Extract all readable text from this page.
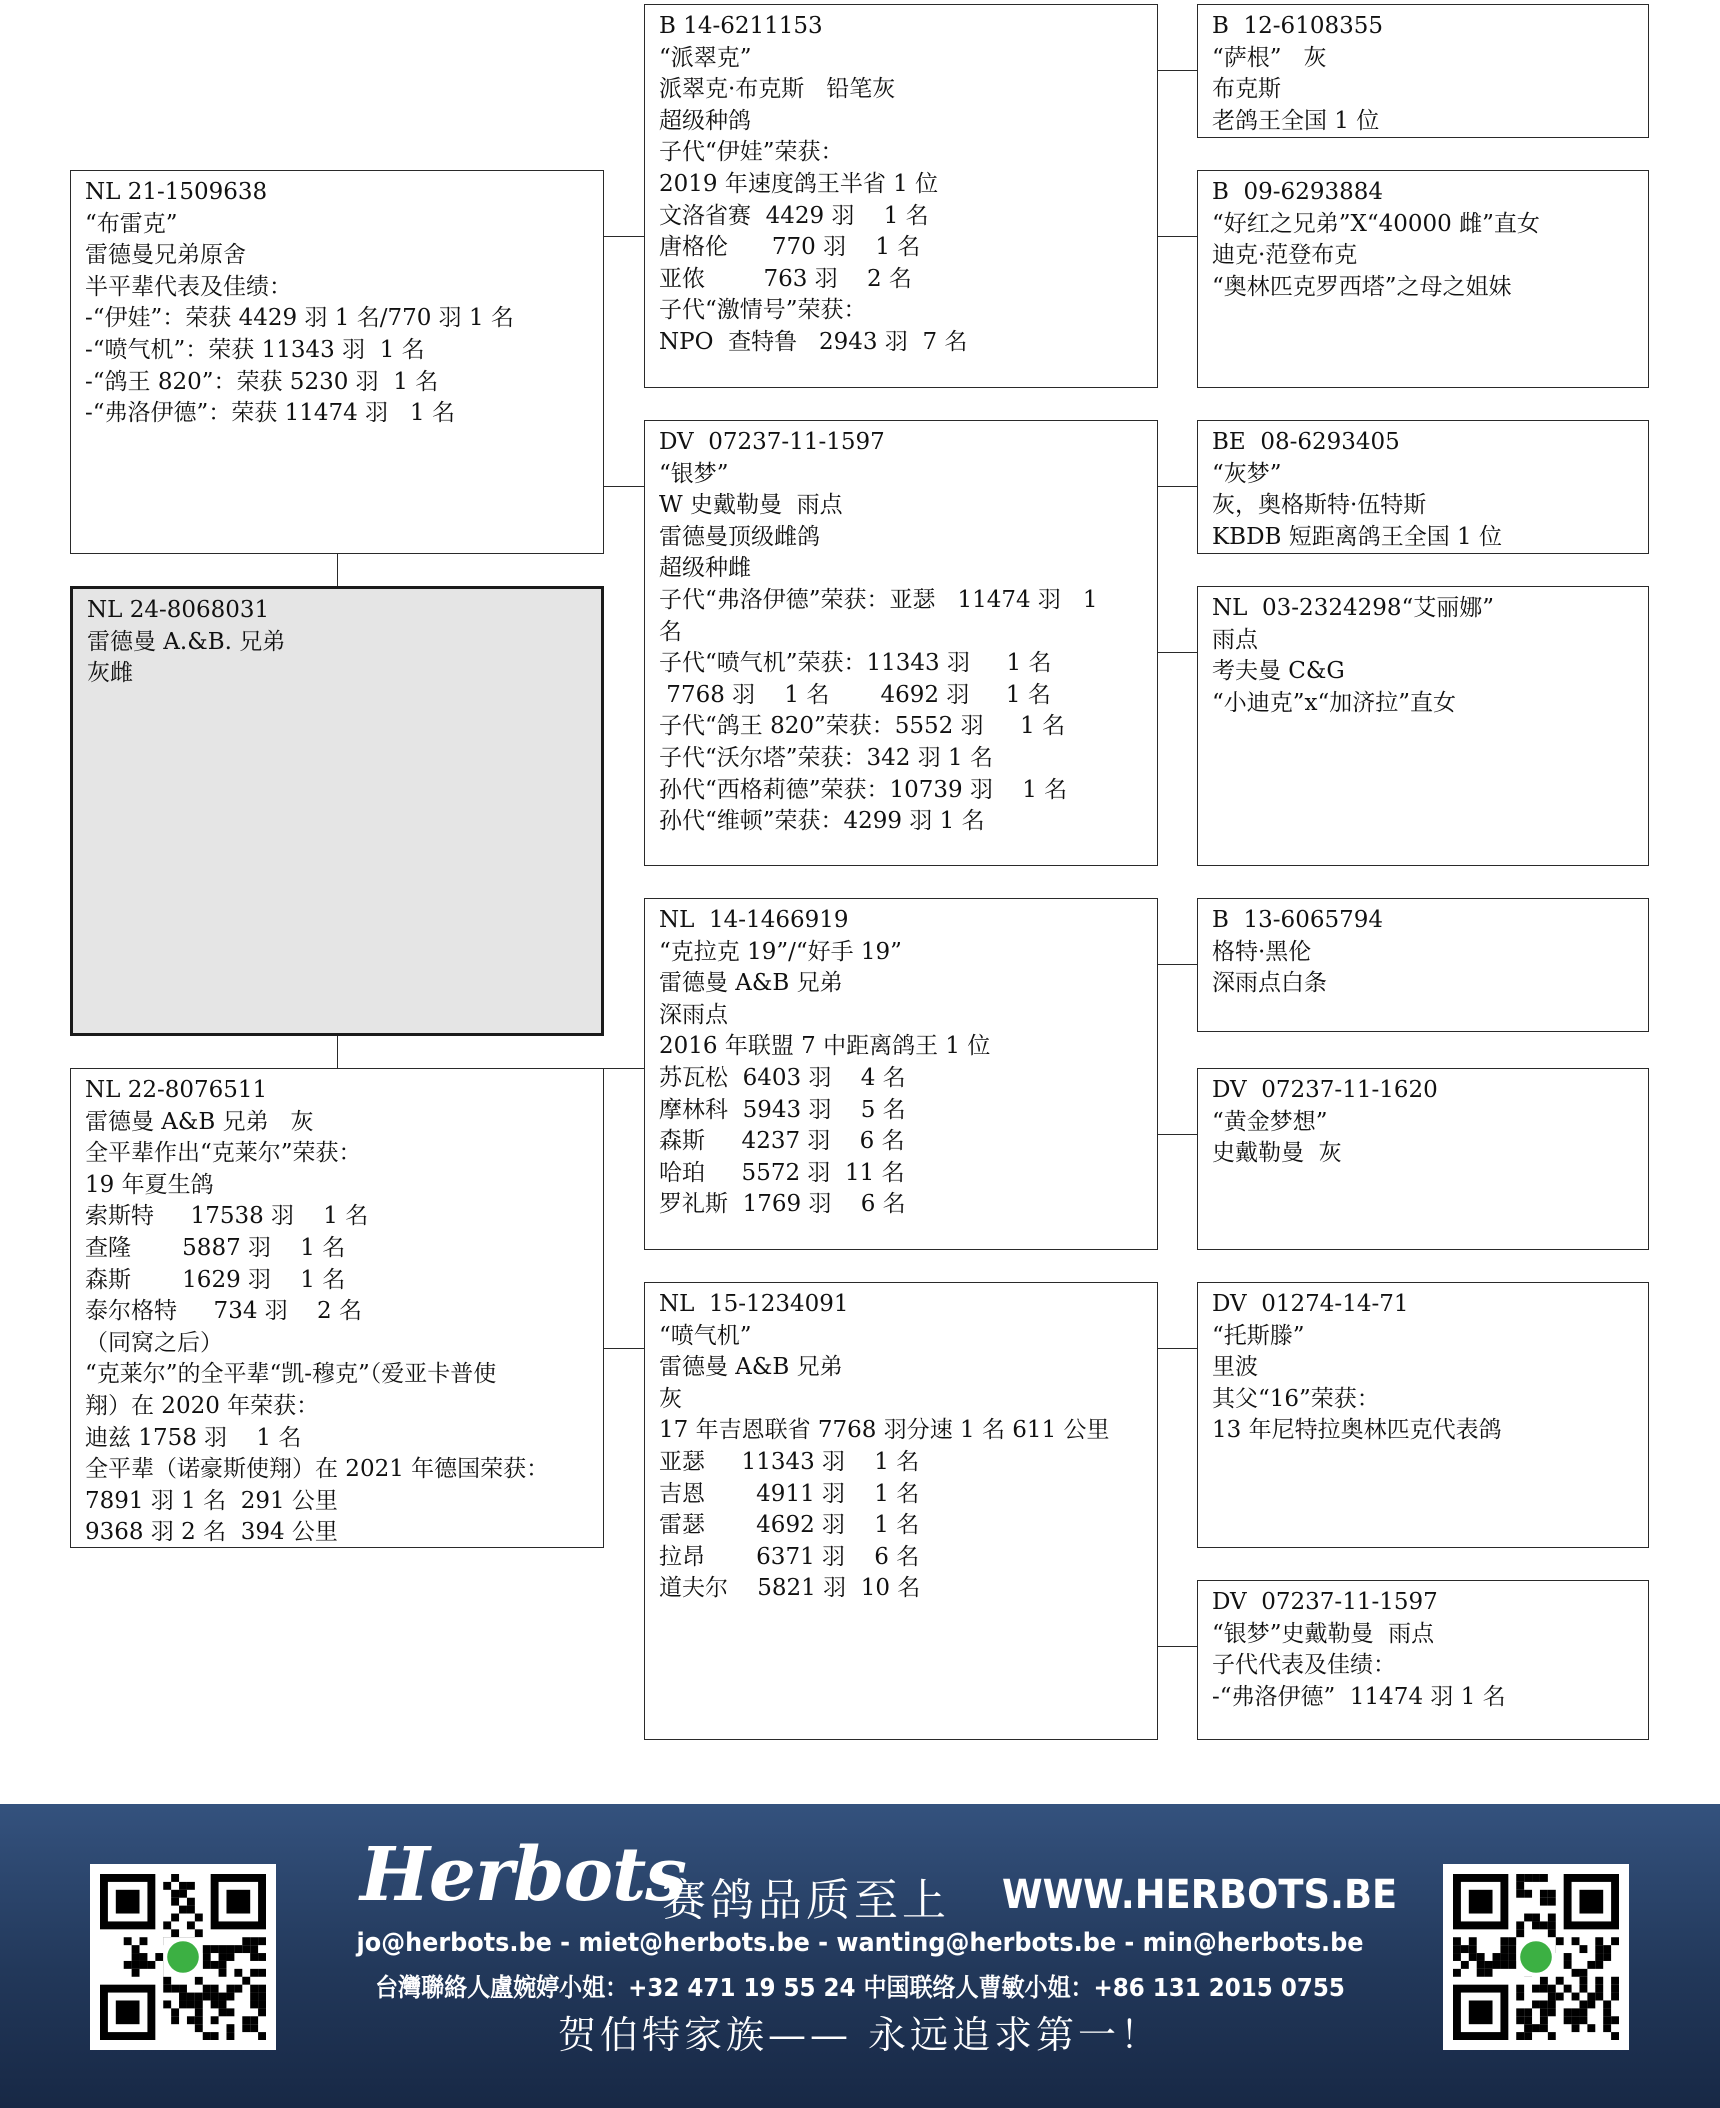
NL 21-1509638
“布雷克”
雷德曼兄弟原舍
半平辈代表及佳绩：
-“伊娃”：荣获 4429 羽 1 名/770 羽 1 名
-“喷气机”：荣获 11343 羽  1 名
-“鸽王 820”：荣获 5230 羽  1 名
-“弗洛伊德”：荣获 11474 羽   1 名
NL 24-8068031
雷德曼 A.&B. 兄弟
灰雌
NL 22-8076511
雷德曼 A&B 兄弟   灰
全平辈作出“克莱尔”荣获：
19 年夏生鸽
索斯特     17538 羽    1 名
查隆       5887 羽    1 名
森斯       1629 羽    1 名
泰尔格特     734 羽    2 名
（同窝之后）
“克莱尔”的全平辈“凯-穆克”（爱亚卡普使
翔）在 2020 年荣获：
迪兹 1758 羽    1 名
全平辈（诺豪斯使翔）在 2021 年德国荣获：
7891 羽 1 名  291 公里
9368 羽 2 名  394 公里
B 14-6211153
“派翠克”
派翠克·布克斯   铅笔灰
超级种鸽
子代“伊娃”荣获：
2019 年速度鸽王半省 1 位
文洛省赛  4429 羽    1 名
唐格伦      770 羽    1 名
亚侬        763 羽    2 名
子代“激情号”荣获：
NPO  查特鲁   2943 羽  7 名
DV  07237-11-1597
“银梦”
W 史戴勒曼  雨点
雷德曼顶级雌鸽
超级种雌
子代“弗洛伊德”荣获：亚瑟   11474 羽   1
名
子代“喷气机”荣获：11343 羽     1 名
7768 羽    1 名       4692 羽     1 名
子代“鸽王 820”荣获：5552 羽     1 名
子代“沃尔塔”荣获：342 羽 1 名
孙代“西格莉德”荣获：10739 羽    1 名
孙代“维顿”荣获：4299 羽 1 名
NL  14-1466919
“克拉克 19”/“好手 19”
雷德曼 A&B 兄弟
深雨点
2016 年联盟 7 中距离鸽王 1 位
苏瓦松  6403 羽    4 名
摩林科  5943 羽    5 名
森斯     4237 羽    6 名
哈珀     5572 羽  11 名
罗礼斯  1769 羽    6 名
NL  15-1234091
“喷气机”
雷德曼 A&B 兄弟
灰
17 年吉恩联省 7768 羽分速 1 名 611 公里
亚瑟     11343 羽    1 名
吉恩       4911 羽    1 名
雷瑟       4692 羽    1 名
拉昂       6371 羽    6 名
道夫尔    5821 羽  10 名
B  12-6108355
“萨根”   灰
布克斯
老鸽王全国 1 位
B  09-6293884
“好红之兄弟”X“40000 雌”直女
迪克·范登布克
“奥林匹克罗西塔”之母之姐妹
BE  08-6293405
“灰梦”
灰，奥格斯特·伍特斯
KBDB 短距离鸽王全国 1 位
NL  03-2324298“艾丽娜”
雨点
考夫曼 C&G
“小迪克”x“加济拉”直女
B  13-6065794
格特·黑伦
深雨点白条
DV  07237-11-1620
“黄金梦想”
史戴勒曼  灰
DV  01274-14-71
“托斯滕”
里波
其父“16”荣获：
13 年尼特拉奥林匹克代表鸽
DV  07237-11-1597
“银梦”史戴勒曼  雨点
子代代表及佳绩：
-“弗洛伊德”  11474 羽 1 名
Herbots
赛鸽品质至上 WWW.HERBOTS.BE
jo@herbots.be - miet@herbots.be - wanting@herbots.be - min@herbots.be
台灣聯絡人盧婉婷小姐：+32 471 19 55 24 中国联络人曹敏小姐：+86 131 2015 0755
贺伯特家族—— 永远追求第一！
